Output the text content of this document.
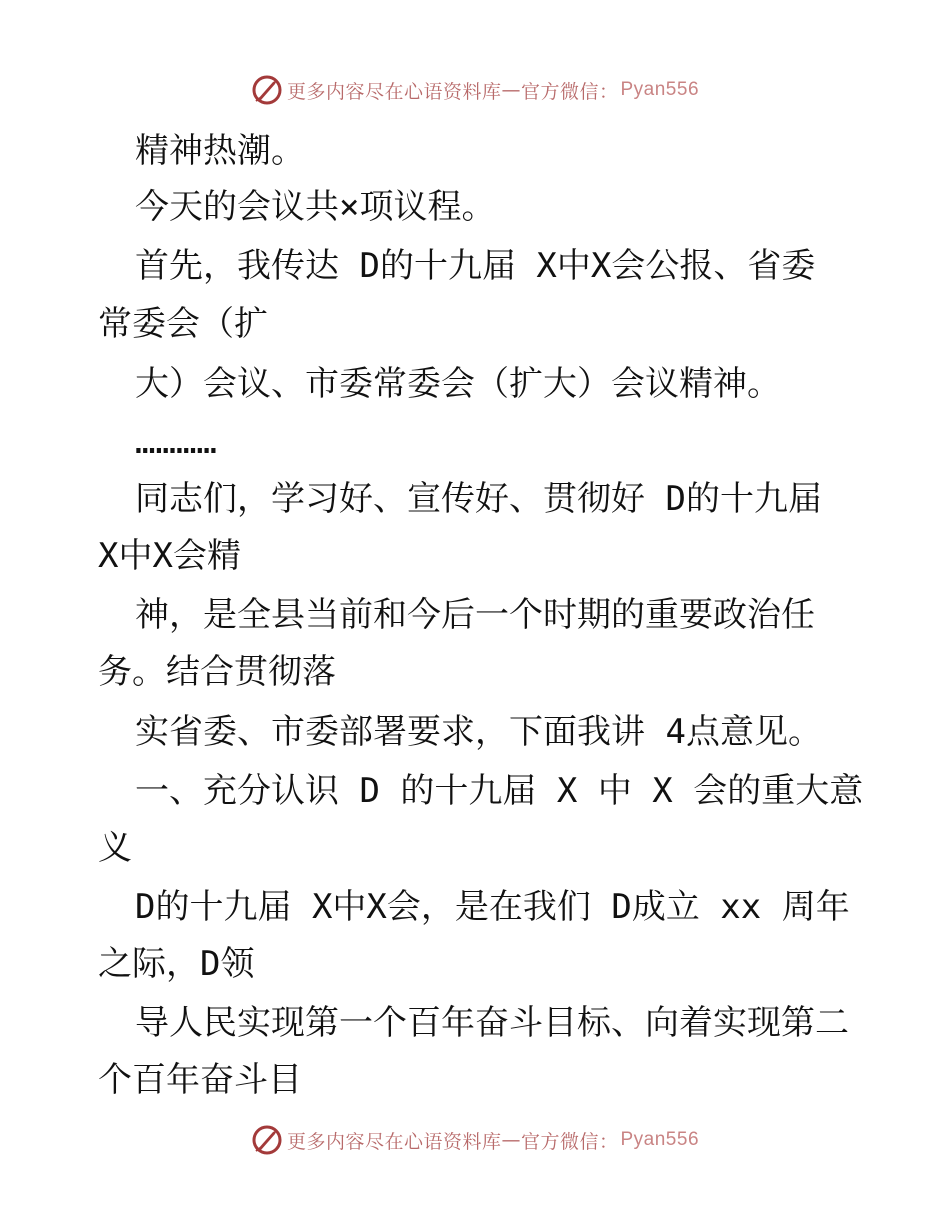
更多内容尽在心语资料库 — 官方微信： Pyan556
精神热潮。
今天的会议共×项议程。
首先，我传达 D的十九届 X中X会公报、省委
常委会（扩
大）会议、市委常委会（扩大）会议精神。
…………
同志们，学习好、宣传好、贯彻好 D的十九届
X中X会精
神，是全县当前和今后一个时期的重要政治任
务。结合贯彻落
实省委、市委部署要求，下面我讲 4点意见。
一、充分认识 D 的十九届 X 中 X 会的重大意
义
D的十九届 X中X会，是在我们 D成立 xx 周年
之际，D领
导人民实现第一个百年奋斗目标、向着实现第二
个百年奋斗目
更多内容尽在心语资料库 — 官方微信： Pyan556
